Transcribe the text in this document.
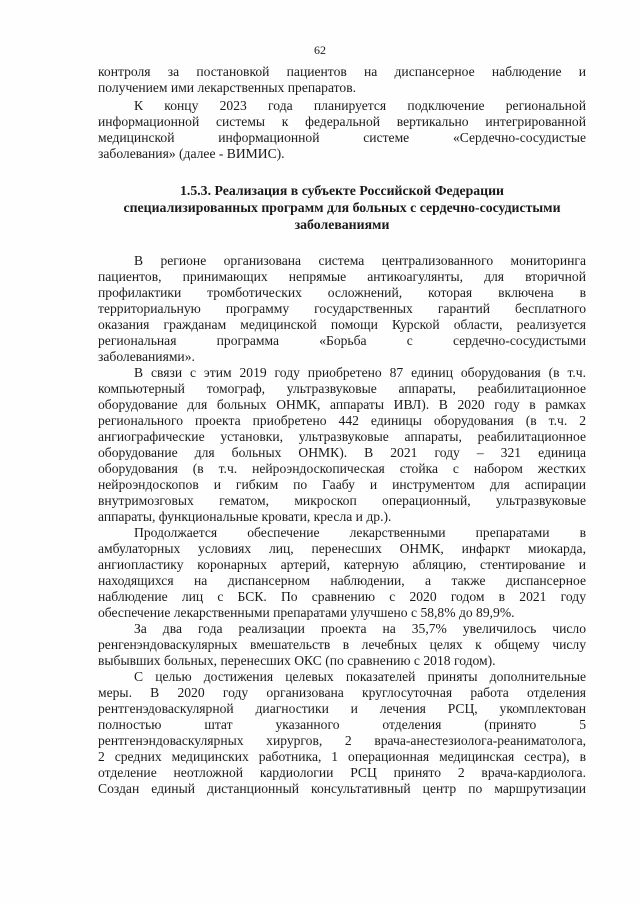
62
контроля за постановкой пациентов на диспансерное наблюдение и
получением ими лекарственных препаратов.
К концу 2023 года планируется подключение региональной
информационной системы к федеральной вертикально интегрированной
медицинской информационной системе «Сердечно-сосудистые
заболевания» (далее - ВИМИС).
1.5.3. Реализация в субъекте Российской Федерации
специализированных программ для больных с сердечно-сосудистыми
заболеваниями
В регионе организована система централизованного мониторинга
пациентов, принимающих непрямые антикоагулянты, для вторичной
профилактики тромботических осложнений, которая включена в
территориальную программу государственных гарантий бесплатного
оказания гражданам медицинской помощи Курской области, реализуется
региональная программа «Борьба с сердечно-сосудистыми
заболеваниями».
В связи с этим 2019 году приобретено 87 единиц оборудования (в т.ч.
компьютерный томограф, ультразвуковые аппараты, реабилитационное
оборудование для больных ОНМК, аппараты ИВЛ). В 2020 году в рамках
регионального проекта приобретено 442 единицы оборудования (в т.ч. 2
ангиографические установки, ультразвуковые аппараты, реабилитационное
оборудование для больных ОНМК). В 2021 году – 321 единица
оборудования (в т.ч. нейроэндоскопическая стойка с набором жестких
нейроэндоскопов и гибким по Гаабу и инструментом для аспирации
внутримозговых гематом, микроскоп операционный, ультразвуковые
аппараты, функциональные кровати, кресла и др.).
Продолжается обеспечение лекарственными препаратами в
амбулаторных условиях лиц, перенесших ОНМК, инфаркт миокарда,
ангиопластику коронарных артерий, катерную абляцию, стентирование и
находящихся на диспансерном наблюдении, а также диспансерное
наблюдение лиц с БСК. По сравнению с 2020 годом в 2021 году
обеспечение лекарственными препаратами улучшено с 58,8% до 89,9%.
За два года реализации проекта на 35,7% увеличилось число
ренгенэндоваскулярных вмешательств в лечебных целях к общему числу
выбывших больных, перенесших ОКС (по сравнению с 2018 годом).
С целью достижения целевых показателей приняты дополнительные
меры. В 2020 году организована круглосуточная работа отделения
рентгенэдоваскулярной диагностики и лечения РСЦ, укомплектован
полностью штат указанного отделения (принято 5
рентгенэндоваскулярных хирургов, 2 врача-анестезиолога-реаниматолога,
2 средних медицинских работника, 1 операционная медицинская сестра), в
отделение неотложной кардиологии РСЦ принято 2 врача-кардиолога.
Создан единый дистанционный консультативный центр по маршрутизации
